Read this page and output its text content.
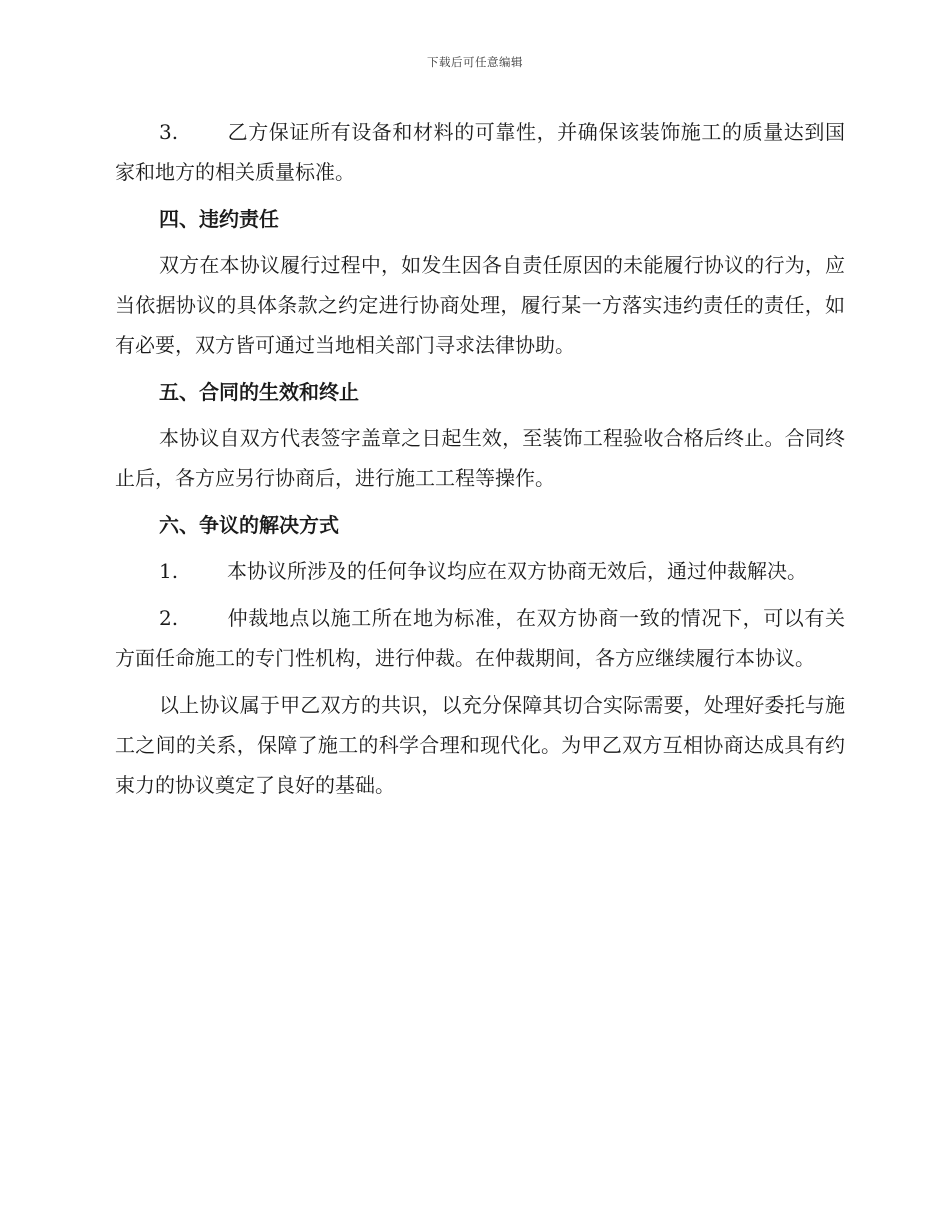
下载后可任意编辑

3. 乙方保证所有设备和材料的可靠性，并确保该装饰施工的质量达到国家和地方的相关质量标准。

四、违约责任

双方在本协议履行过程中，如发生因各自责任原因的未能履行协议的行为，应当依据协议的具体条款之约定进行协商处理，履行某一方落实违约责任的责任，如有必要，双方皆可通过当地相关部门寻求法律协助。

五、合同的生效和终止

本协议自双方代表签字盖章之日起生效，至装饰工程验收合格后终止。合同终止后，各方应另行协商后，进行施工工程等操作。

六、争议的解决方式

1. 本协议所涉及的任何争议均应在双方协商无效后，通过仲裁解决。

2. 仲裁地点以施工所在地为标准，在双方协商一致的情况下，可以有关方面任命施工的专门性机构，进行仲裁。在仲裁期间，各方应继续履行本协议。

以上协议属于甲乙双方的共识，以充分保障其切合实际需要，处理好委托与施工之间的关系，保障了施工的科学合理和现代化。为甲乙双方互相协商达成具有约束力的协议奠定了良好的基础。
